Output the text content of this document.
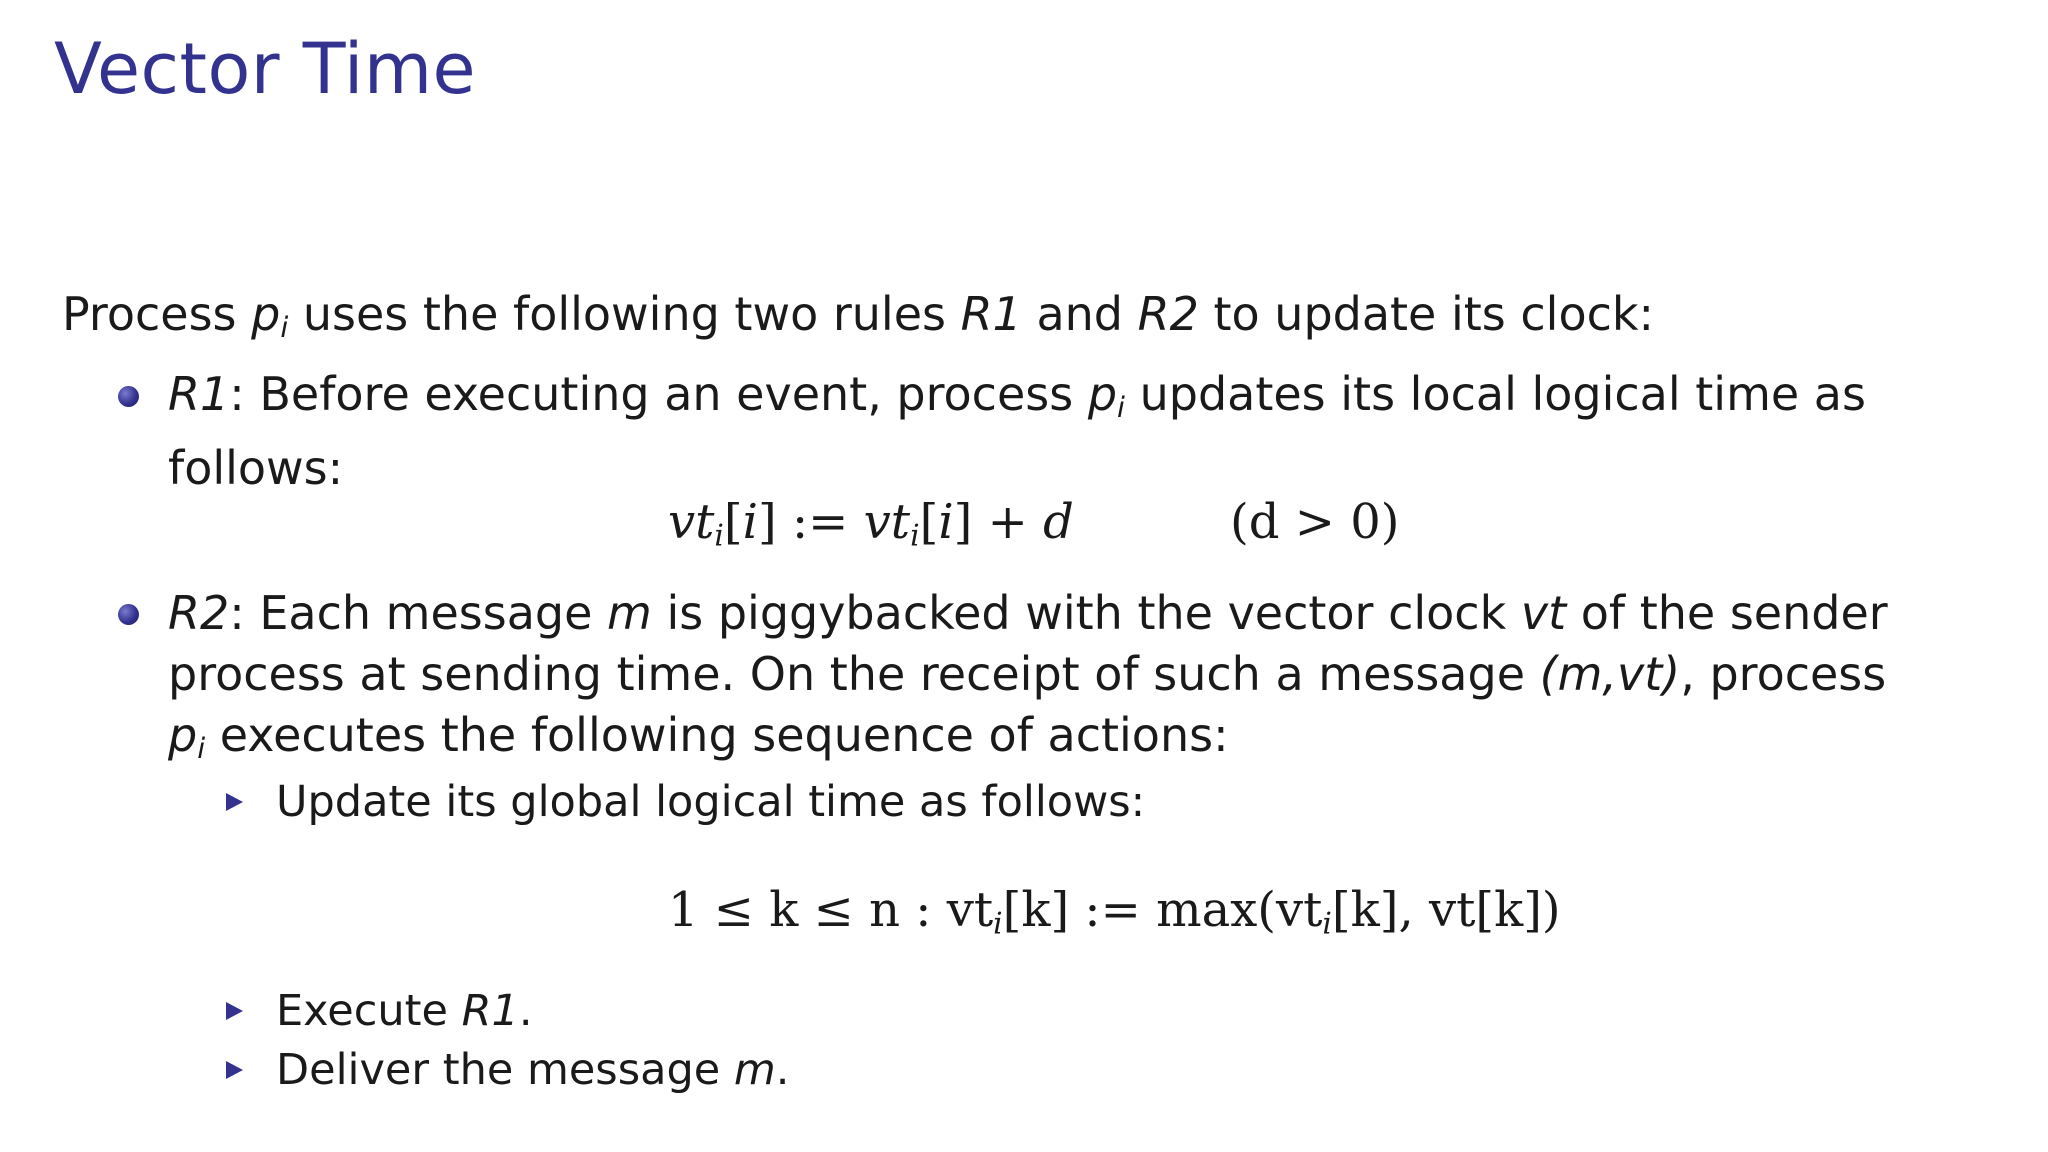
Vector Time
Process pi uses the following two rules R1 and R2 to update its clock:
R1: Before executing an event, process pi updates its local logical time as follows:
vti[i] := vti[i] + d	(d > 0)
R2: Each message m is piggybacked with the vector clock vt of the sender process at sending time. On the receipt of such a message (m,vt), process pi executes the following sequence of actions:
Update its global logical time as follows:
1 ≤ k ≤ n : vti[k] := max(vti[k], vt[k])
Execute R1.
Deliver the message m.
